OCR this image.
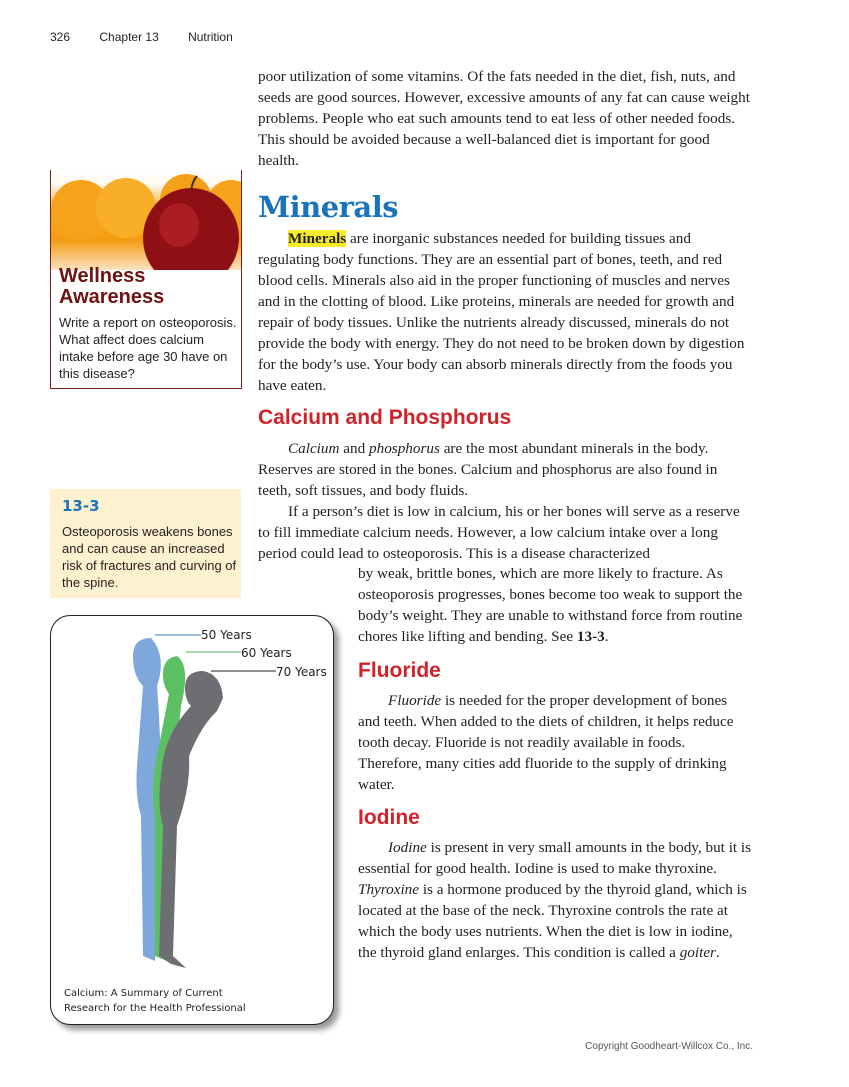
326 Chapter 13 Nutrition

poor utilization of some vitamins. Of the fats needed in the diet, fish, nuts, and seeds are good sources. However, excessive amounts of any fat can cause weight problems. People who eat such amounts tend to eat less of other needed foods. This should be avoided because a well-balanced diet is important for good health.

Minerals

Minerals are inorganic substances needed for building tissues and regulating body functions. They are an essential part of bones, teeth, and red blood cells. Minerals also aid in the proper functioning of muscles and nerves and in the clotting of blood. Like proteins, minerals are needed for growth and repair of body tissues. Unlike the nutrients already discussed, minerals do not provide the body with energy. They do not need to be broken down by digestion for the body’s use. Your body can absorb minerals directly from the foods you have eaten.

Calcium and Phosphorus

Calcium and phosphorus are the most abundant minerals in the body. Reserves are stored in the bones. Calcium and phosphorus are also found in teeth, soft tissues, and body fluids.

If a person’s diet is low in calcium, his or her bones will serve as a reserve to fill immediate calcium needs. However, a low calcium intake over a long period could lead to osteoporosis. This is a disease characterized

by weak, brittle bones, which are more likely to fracture. As osteoporosis progresses, bones become too weak to support the body’s weight. They are unable to withstand force from routine chores like lifting and bending. See 13-3.

Fluoride

Fluoride is needed for the proper development of bones and teeth. When added to the diets of children, it helps reduce tooth decay. Fluoride is not readily available in foods. Therefore, many cities add fluoride to the supply of drinking water.

Iodine

Iodine is present in very small amounts in the body, but it is essential for good health. Iodine is used to make thyroxine. Thyroxine is a hormone produced by the thyroid gland, which is located at the base of the neck. Thyroxine controls the rate at which the body uses nutrients. When the diet is low in iodine, the thyroid gland enlarges. This condition is called a goiter.

Wellness
Awareness
Write a report on osteoporosis. What affect does calcium intake before age 30 have on this disease?
13-3
Osteoporosis weakens bones and can cause an increased risk of fractures and curving of the spine.
50 Years
60 Years
70 Years
Calcium: A Summary of Current
Research for the Health Professional
Copyright Goodheart-Willcox Co., Inc.
